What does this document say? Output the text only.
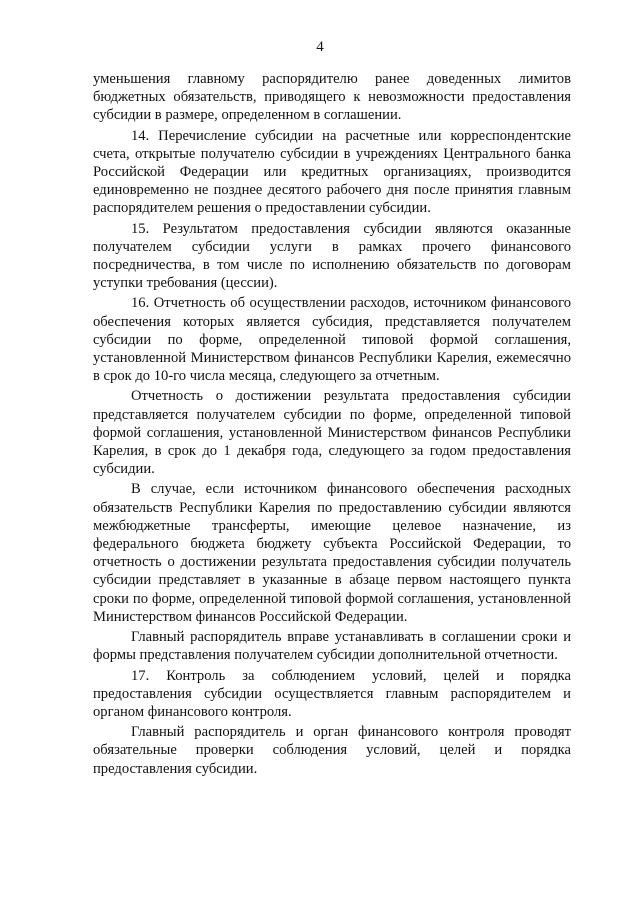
4

уменьшения главному распорядителю ранее доведенных лимитов бюджетных обязательств, приводящего к невозможности предоставления субсидии в размере, определенном в соглашении.

14. Перечисление субсидии на расчетные или корреспондентские счета, открытые получателю субсидии в учреждениях Центрального банка Российской Федерации или кредитных организациях, производится единовременно не позднее десятого рабочего дня после принятия главным распорядителем решения о предоставлении субсидии.

15. Результатом предоставления субсидии являются оказанные получателем субсидии услуги в рамках прочего финансового посредничества, в том числе по исполнению обязательств по договорам уступки требования (цессии).

16. Отчетность об осуществлении расходов, источником финансового обеспечения которых является субсидия, представляется получателем субсидии по форме, определенной типовой формой соглашения, установленной Министерством финансов Республики Карелия, ежемесячно в срок до 10-го числа месяца, следующего за отчетным.

Отчетность о достижении результата предоставления субсидии представляется получателем субсидии по форме, определенной типовой формой соглашения, установленной Министерством финансов Республики Карелия, в срок до 1 декабря года, следующего за годом предоставления субсидии.

В случае, если источником финансового обеспечения расходных обязательств Республики Карелия по предоставлению субсидии являются межбюджетные трансферты, имеющие целевое назначение, из федерального бюджета бюджету субъекта Российской Федерации, то отчетность о достижении результата предоставления субсидии получатель субсидии представляет в указанные в абзаце первом настоящего пункта сроки по форме, определенной типовой формой соглашения, установленной Министерством финансов Российской Федерации.

Главный распорядитель вправе устанавливать в соглашении сроки и формы представления получателем субсидии дополнительной отчетности.

17. Контроль за соблюдением условий, целей и порядка предоставления субсидии осуществляется главным распорядителем и органом финансового контроля.

Главный распорядитель и орган финансового контроля проводят обязательные проверки соблюдения условий, целей и порядка предоставления субсидии.
